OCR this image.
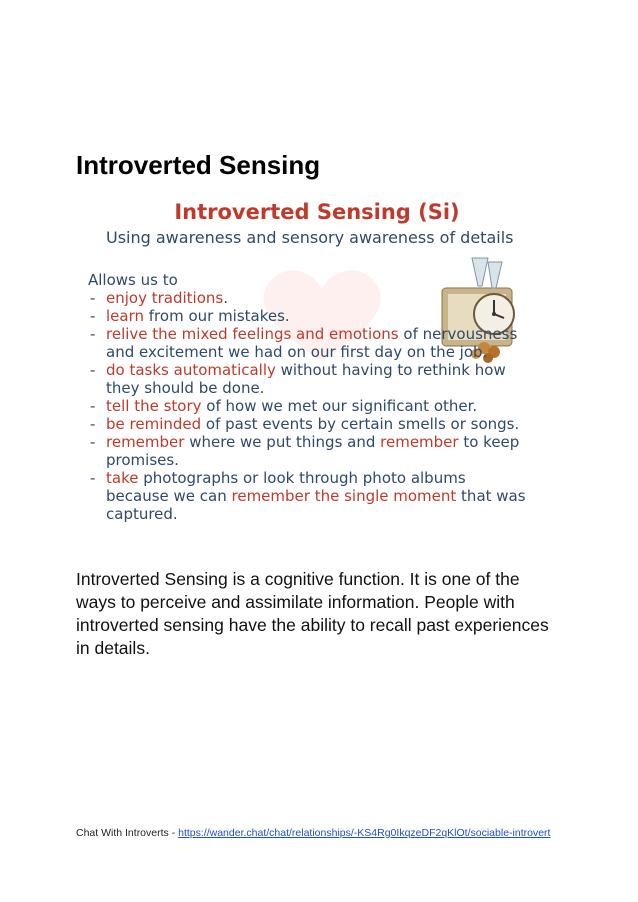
Introverted Sensing
Introverted Sensing (Si)

Using awareness and sensory awareness of details

Allows us to

- enjoy traditions.
- learn from our mistakes.
- relive the mixed feelings and emotions of nervousness and excitement we had on our first day on the job.
- do tasks automatically without having to rethink how they should be done.
- tell the story of how we met our significant other.
- be reminded of past events by certain smells or songs.
- remember where we put things and remember to keep promises.
- take photographs or look through photo albums because we can remember the single moment that was captured.

Introverted Sensing is a cognitive function. It is one of the ways to perceive and assimilate information. People with introverted sensing have the ability to recall past experiences in details.

Chat With Introverts - https://wander.chat/chat/relationships/-KS4Rg0IkqzeDF2qKlOt/sociable-introvert
